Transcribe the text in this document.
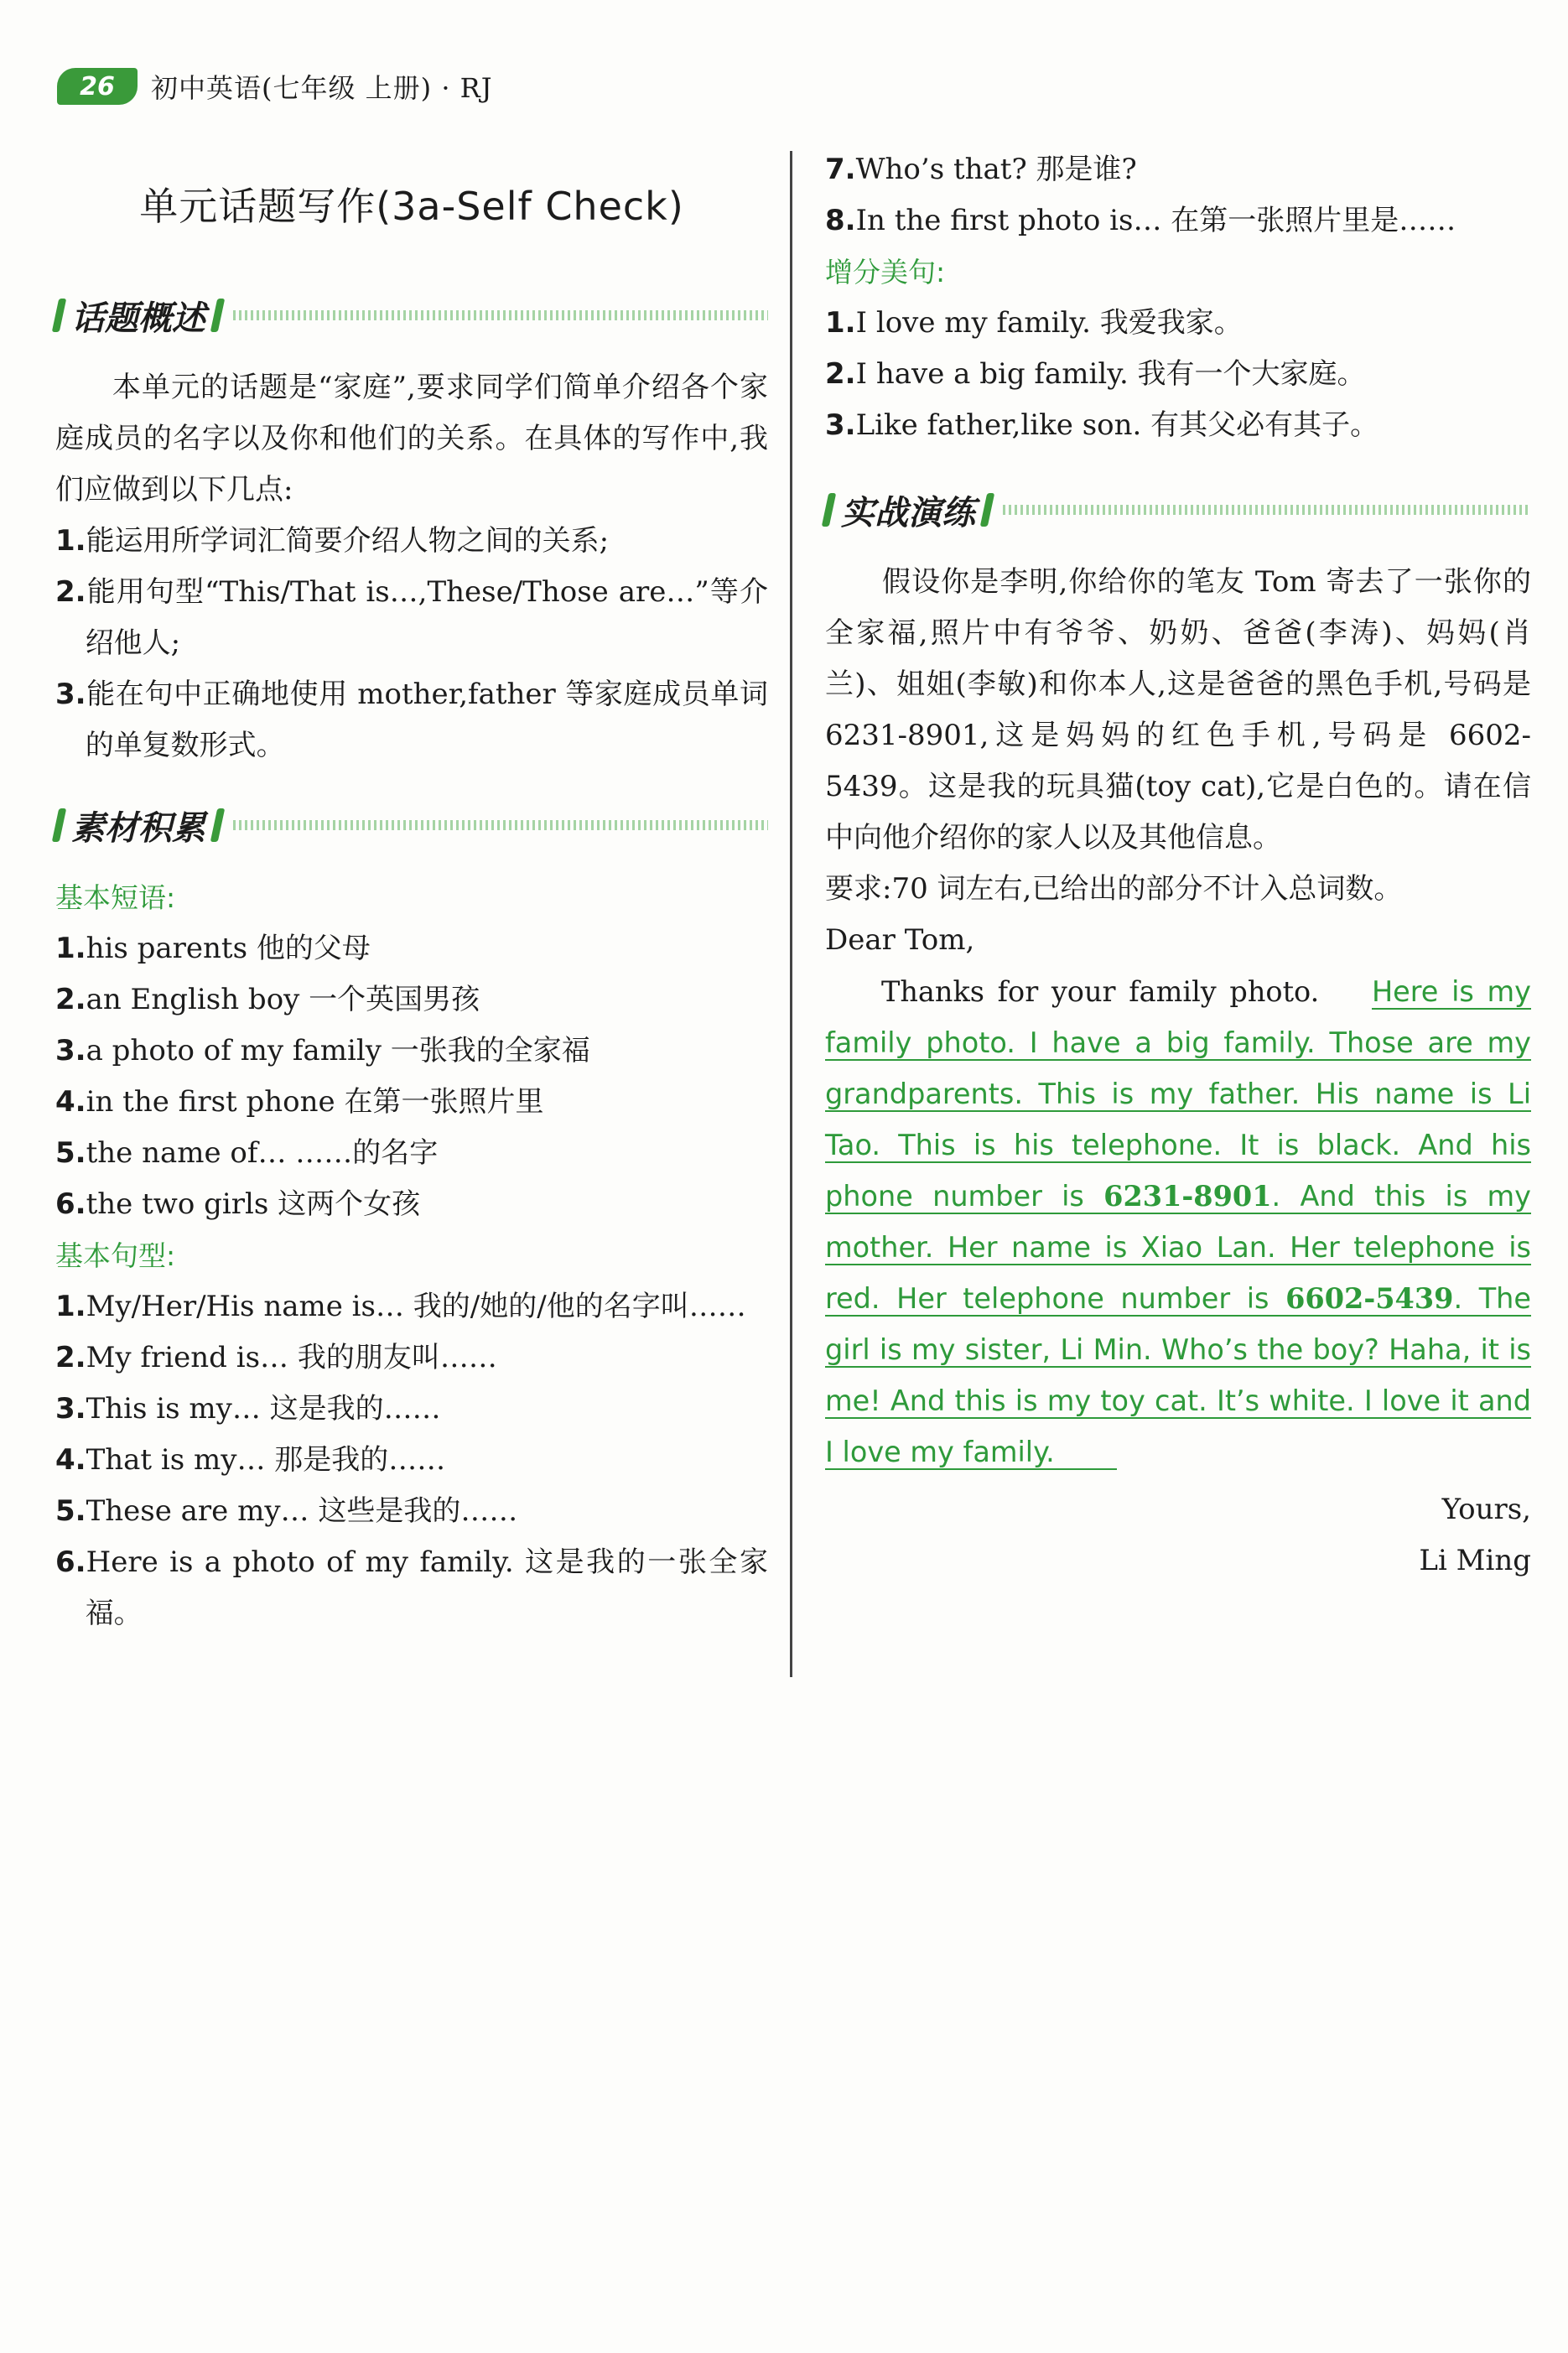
26	初中英语(七年级 上册) · RJ
单元话题写作(3a-Self Check)
话题概述

本单元的话题是“家庭”,要求同学们简单介绍各个家庭成员的名字以及你和他们的关系。在具体的写作中,我们应做到以下几点:

1.能运用所学词汇简要介绍人物之间的关系;

2.能用句型“This/That is…,These/Those are…”等介绍他人;

3.能在句中正确地使用 mother,father 等家庭成员单词的单复数形式。

素材积累

基本短语:

1.his parents 他的父母

2.an English boy 一个英国男孩

3.a photo of my family 一张我的全家福

4.in the first phone 在第一张照片里

5.the name of… ……的名字

6.the two girls 这两个女孩

基本句型:

1.My/Her/His name is… 我的/她的/他的名字叫……

2.My friend is… 我的朋友叫……

3.This is my… 这是我的……

4.That is my… 那是我的……

5.These are my… 这些是我的……

6.Here is a photo of my family. 这是我的一张全家福。

7.Who’s that? 那是谁?

8.In the first photo is… 在第一张照片里是……

增分美句:

1.I love my family. 我爱我家。

2.I have a big family. 我有一个大家庭。

3.Like father,like son. 有其父必有其子。

实战演练

假设你是李明,你给你的笔友 Tom 寄去了一张你的全家福,照片中有爷爷、奶奶、爸爸(李涛)、妈妈(肖兰)、姐姐(李敏)和你本人,这是爸爸的黑色手机,号码是 6231-8901,这是妈妈的红色手机,号码是 6602-5439。这是我的玩具猫(toy cat),它是白色的。请在信中向他介绍你的家人以及其他信息。

要求:70 词左右,已给出的部分不计入总词数。

Dear Tom,

Thanks for your family photo. Here is my family photo. I have a big family. Those are my grandparents. This is my father. His name is Li Tao. This is his telephone. It is black. And his phone number is 6231-8901. And this is my mother. Her name is Xiao Lan. Her telephone is red. Her telephone number is 6602-5439. The girl is my sister, Li Min. Who’s the boy? Haha, it is me! And this is my toy cat. It’s white. I love it and I love my family.

Yours,

Li Ming
